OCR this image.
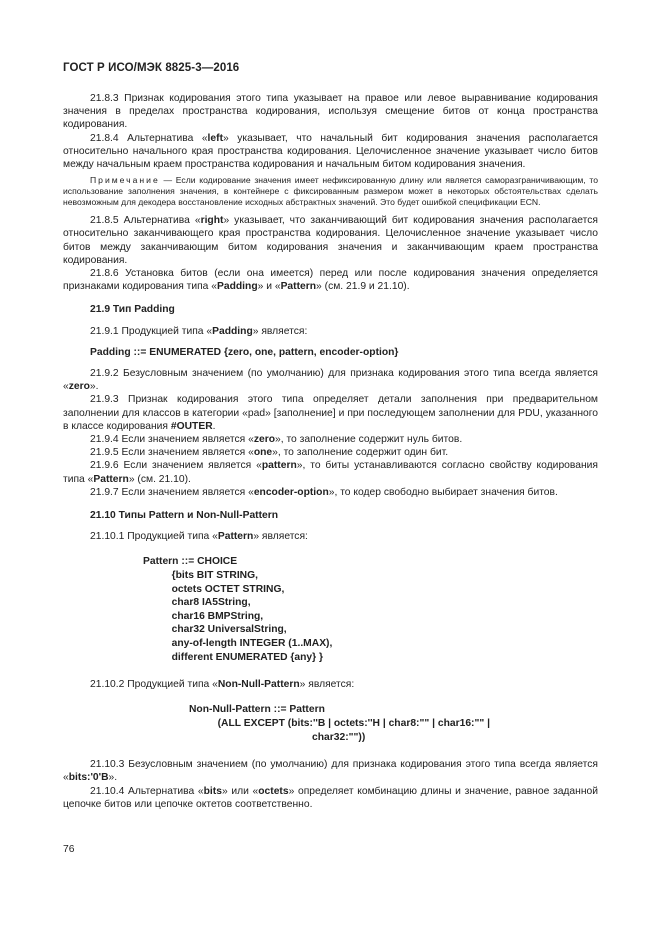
ГОСТ Р ИСО/МЭК 8825-3—2016

21.8.3 Признак кодирования этого типа указывает на правое или левое выравнивание кодирования значения в пределах пространства кодирования, используя смещение битов от конца пространства кодирования.

21.8.4 Альтернатива «left» указывает, что начальный бит кодирования значения располагается относительно начального края пространства кодирования. Целочисленное значение указывает число битов между начальным краем пространства кодирования и начальным битом кодирования значения.

Примечание — Если кодирование значения имеет нефиксированную длину или является саморазграничивающим, то использование заполнения значения, в контейнере с фиксированным размером может в некоторых обстоятельствах сделать невозможным для декодера восстановление исходных абстрактных значений. Это будет ошибкой спецификации ECN.

21.8.5 Альтернатива «right» указывает, что заканчивающий бит кодирования значения располагается относительно заканчивающего края пространства кодирования. Целочисленное значение указывает число битов между заканчивающим битом кодирования значения и заканчивающим краем пространства кодирования.

21.8.6 Установка битов (если она имеется) перед или после кодирования значения определяется признаками кодирования типа «Padding» и «Pattern» (см. 21.9 и 21.10).

21.9 Тип Padding

21.9.1 Продукцией типа «Padding» является:

Padding ::= ENUMERATED {zero, one, pattern, encoder-option}

21.9.2 Безусловным значением (по умолчанию) для признака кодирования этого типа всегда является «zero».

21.9.3 Признак кодирования этого типа определяет детали заполнения при предварительном заполнении для классов в категории «pad» [заполнение] и при последующем заполнении для PDU, указанного в классе кодирования #OUTER.

21.9.4 Если значением является «zero», то заполнение содержит нуль битов.

21.9.5 Если значением является «one», то заполнение содержит один бит.

21.9.6 Если значением является «pattern», то биты устанавливаются согласно свойству кодирования типа «Pattern» (см. 21.10).

21.9.7 Если значением является «encoder-option», то кодер свободно выбирает значения битов.

21.10 Типы Pattern и Non-Null-Pattern

21.10.1 Продукцией типа «Pattern» является:

Pattern ::= CHOICE
{bits BIT STRING,
octets OCTET STRING,
char8 IA5String,
char16 BMPString,
char32 UniversalString,
any-of-length INTEGER (1..MAX),
different ENUMERATED {any} }

21.10.2 Продукцией типа «Non-Null-Pattern» является:

Non-Null-Pattern ::= Pattern
(ALL EXCEPT (bits:''B | octets:''H | char8:"" | char16:"" |
char32:""))

21.10.3 Безусловным значением (по умолчанию) для признака кодирования этого типа всегда является «bits:'0'B».

21.10.4 Альтернатива «bits» или «octets» определяет комбинацию длины и значение, равное заданной цепочке битов или цепочке октетов соответственно.

76
